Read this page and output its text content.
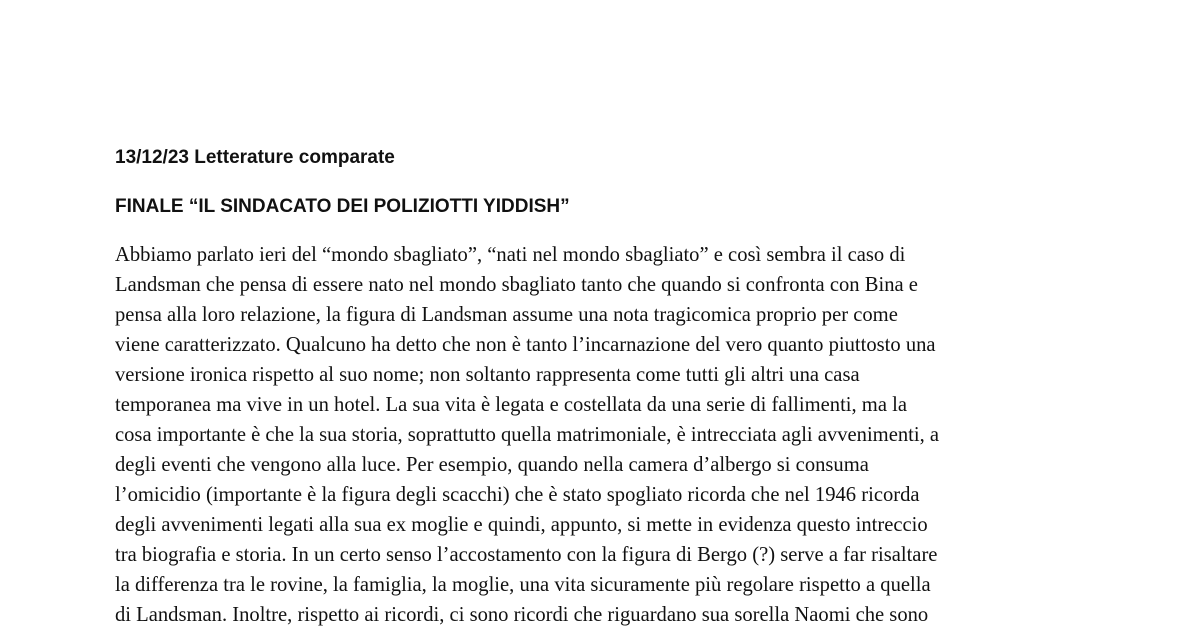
13/12/23 Letterature comparate
FINALE “IL SINDACATO DEI POLIZIOTTI YIDDISH”

Abbiamo parlato ieri del “mondo sbagliato”, “nati nel mondo sbagliato” e così sembra il caso di
Landsman che pensa di essere nato nel mondo sbagliato tanto che quando si confronta con Bina e
pensa alla loro relazione, la figura di Landsman assume una nota tragicomica proprio per come
viene caratterizzato. Qualcuno ha detto che non è tanto l’incarnazione del vero quanto piuttosto una
versione ironica rispetto al suo nome; non soltanto rappresenta come tutti gli altri una casa
temporanea ma vive in un hotel. La sua vita è legata e costellata da una serie di fallimenti, ma la
cosa importante è che la sua storia, soprattutto quella matrimoniale, è intrecciata agli avvenimenti, a
degli eventi che vengono alla luce. Per esempio, quando nella camera d’albergo si consuma
l’omicidio (importante è la figura degli scacchi) che è stato spogliato ricorda che nel 1946 ricorda
degli avvenimenti legati alla sua ex moglie e quindi, appunto, si mette in evidenza questo intreccio
tra biografia e storia. In un certo senso l’accostamento con la figura di Bergo (?) serve a far risaltare
la differenza tra le rovine, la famiglia, la moglie, una vita sicuramente più regolare rispetto a quella
di Landsman. Inoltre, rispetto ai ricordi, ci sono ricordi che riguardano sua sorella Naomi che sono
